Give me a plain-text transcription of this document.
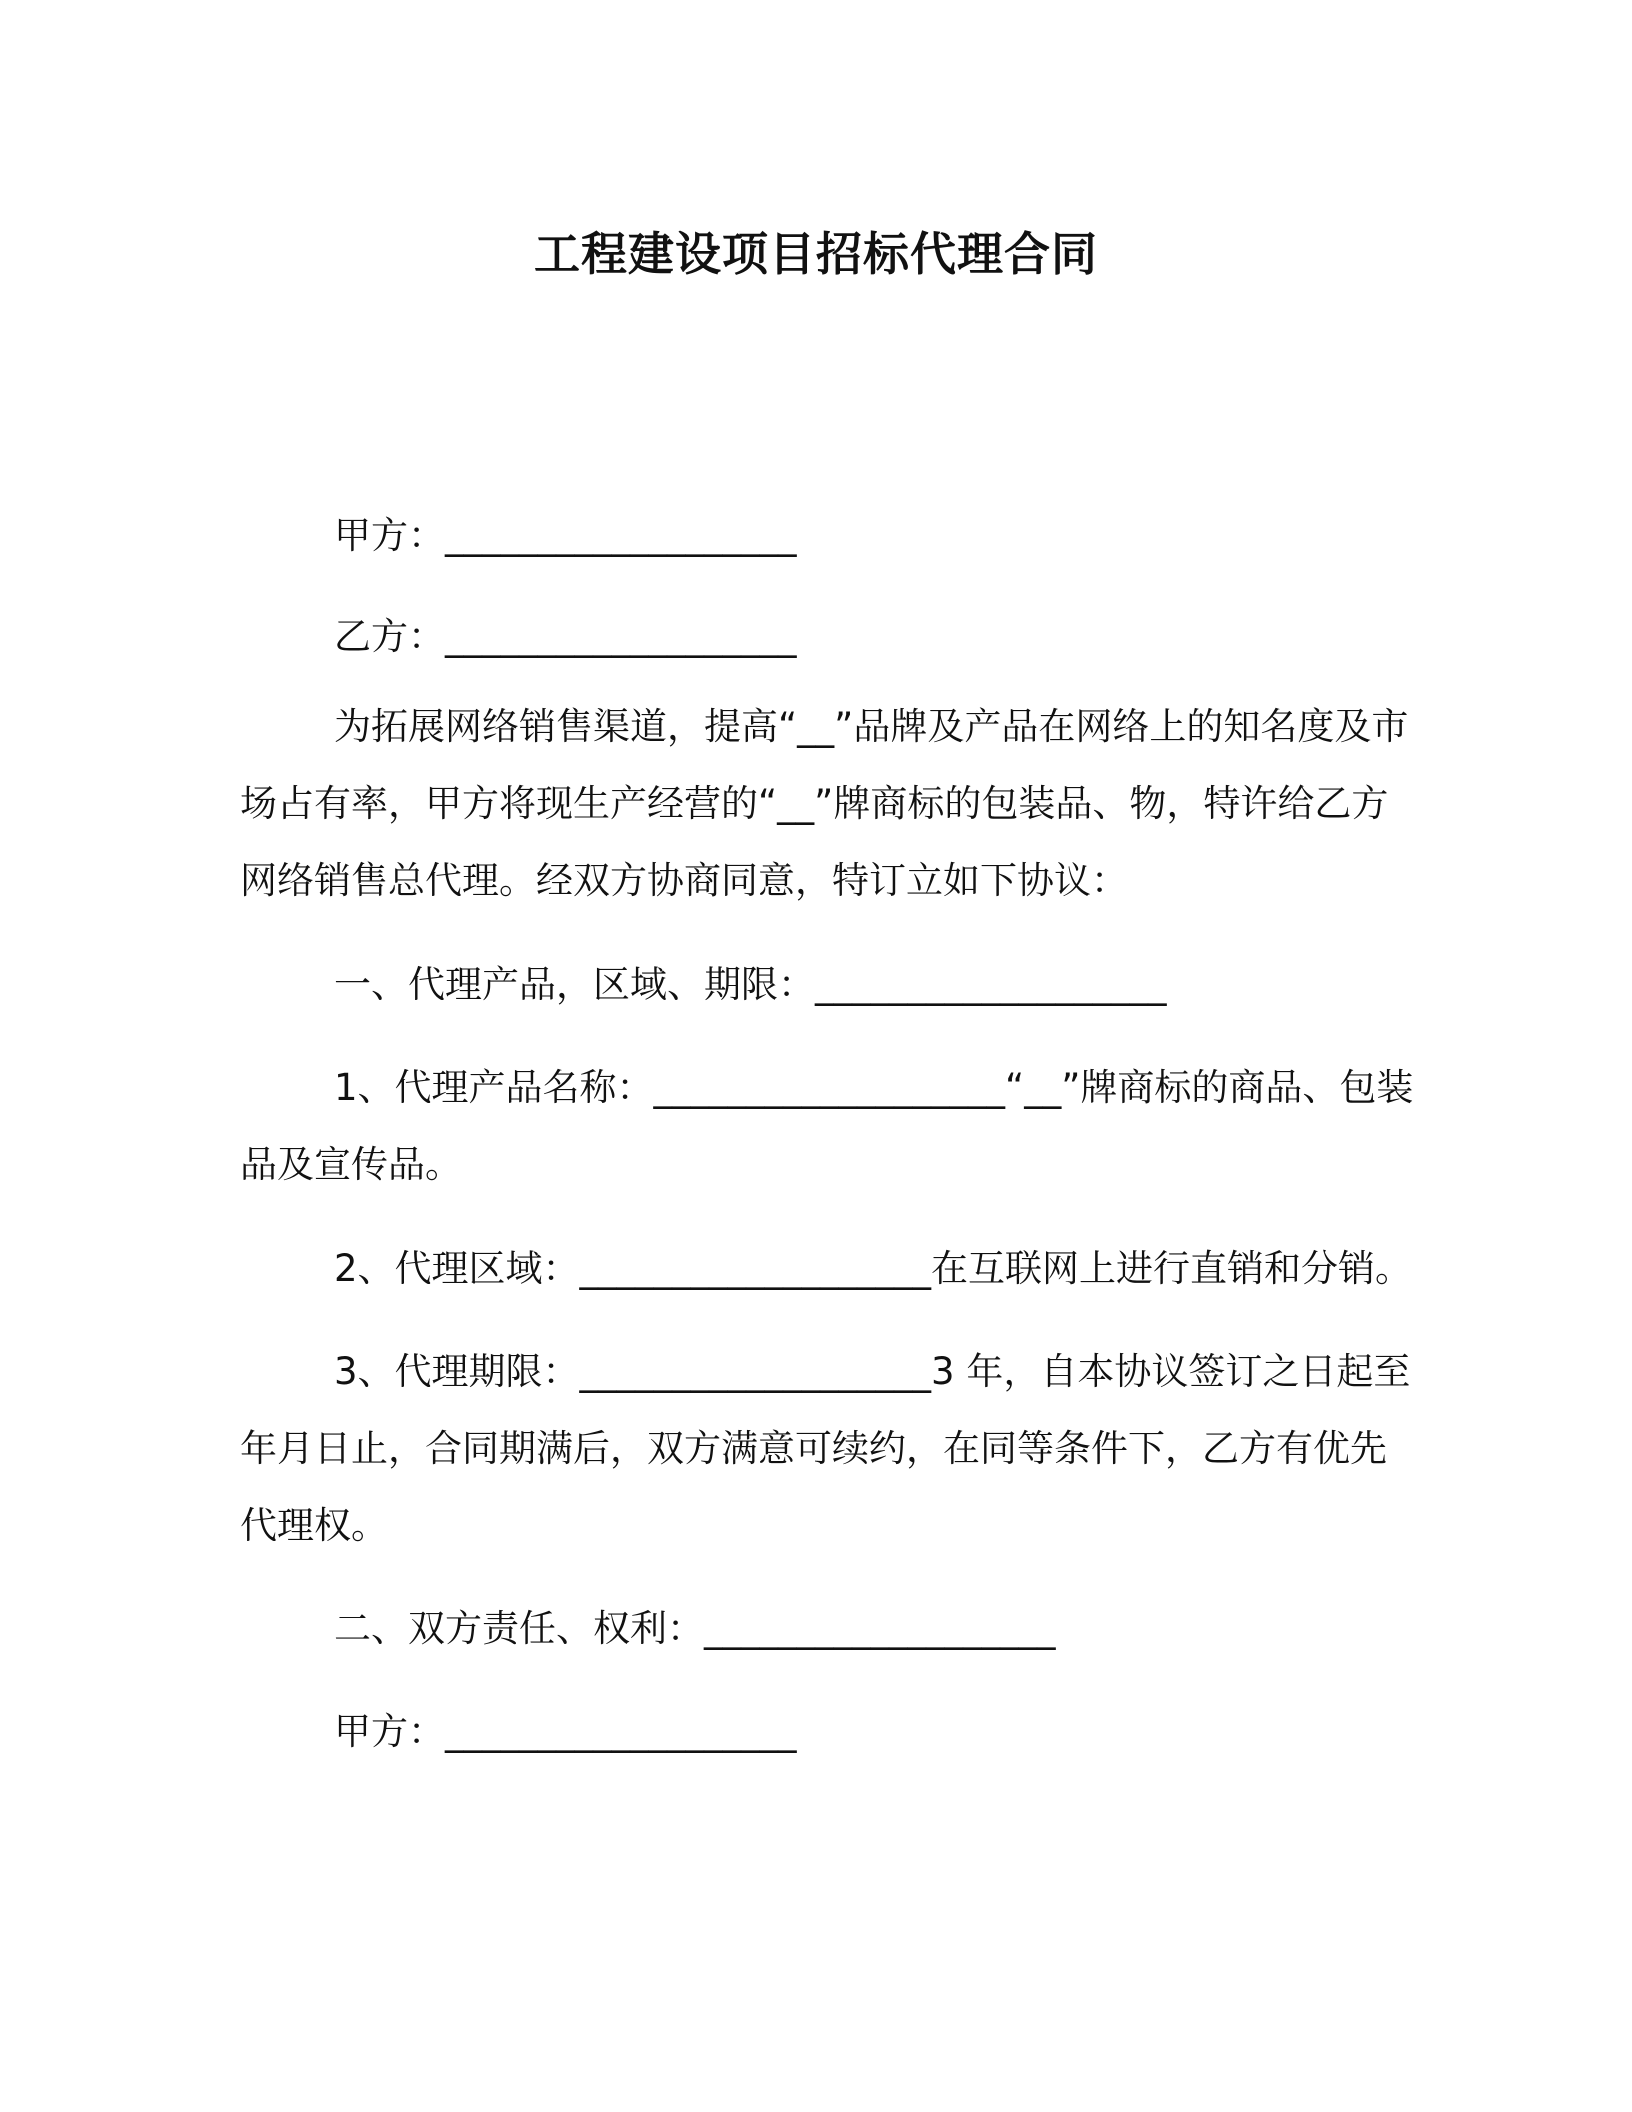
工程建设项目招标代理合同

甲方：___________________

乙方：___________________

为拓展网络销售渠道，提高“__”品牌及产品在网络上的知名度及市场占有率，甲方将现生产经营的“__”牌商标的包装品、物，特许给乙方网络销售总代理。经双方协商同意，特订立如下协议：

一、代理产品，区域、期限：___________________

1、代理产品名称：___________________“__”牌商标的商品、包装品及宣传品。

2、代理区域：___________________在互联网上进行直销和分销。

3、代理期限：___________________3 年，自本协议签订之日起至年月日止，合同期满后，双方满意可续约，在同等条件下，乙方有优先代理权。

二、双方责任、权利：___________________

甲方：___________________
